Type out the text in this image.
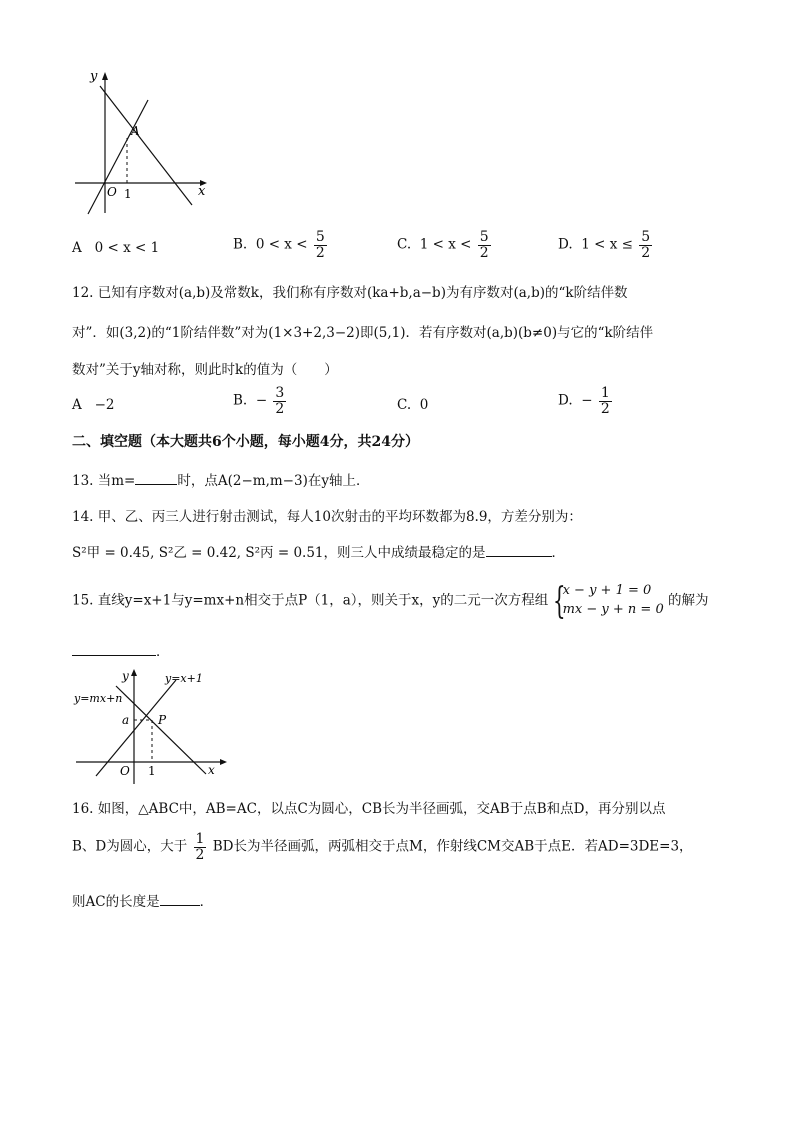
y
x
O
A
1
A 0 < x < 1	B. $0 < x < \frac{5}{2}$	C. $1 < x < \frac{5}{2}$	D. $1 < x \le \frac{5}{2}$
12. 已知有序数对(a,b)及常数k，我们称有序数对(ka+b,a−b)为有序数对(a,b)的“k阶结伴数
对”．如(3,2)的“1阶结伴数”对为(1×3+2,3−2)即(5,1)．若有序数对(a,b)(b≠0)与它的“k阶结伴
数对”关于y轴对称，则此时k的值为（　　）
A −2	B. − $\frac{3}{2}$	C. 0	D. − $\frac{1}{2}$
二、填空题（本大题共6个小题，每小题4分，共24分）
13. 当m=	时，点A(2−m,m−3)在y轴上．
14. 甲、乙、丙三人进行射击测试，每人10次射击的平均环数都为8.9，方差分别为：
S²甲 = 0.45, S²乙 = 0.42, S²丙 = 0.51，则三人中成绩最稳定的是	．
15. 直线y=x+1与y=mx+n相交于点P（1，a），则关于x，y的二元一次方程组 {
x − y + 1 = 0
mx − y + n = 0
的解为
．
y=x+1
y=mx+n
y
x
O
a P
1
16. 如图，△ABC中，AB=AC，以点C为圆心，CB长为半径画弧，交AB于点B和点D，再分别以点
B、D为圆心，大于 $\frac{1}{2}$ BD长为半径画弧，两弧相交于点M，作射线CM交AB于点E．若AD=3DE=3，
则AC的长度是	．
